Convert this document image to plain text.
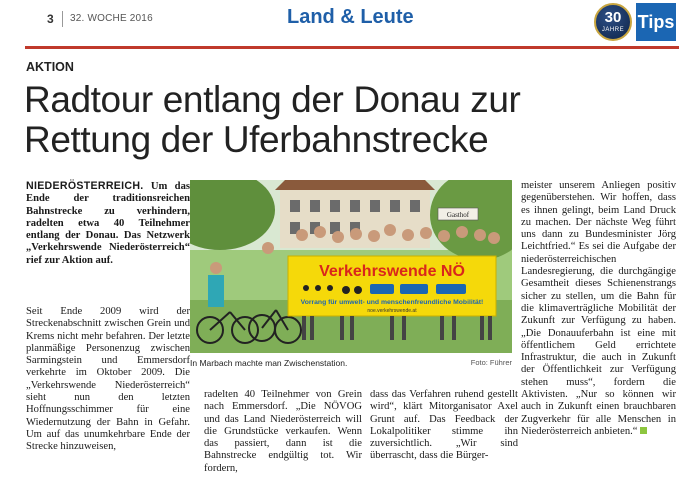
3 32. WOCHE 2016	Land & Leute	30
JAHRE Tips
AKTION
Radtour entlang der Donau zur
Rettung der Uferbahnstrecke

NIEDERÖSTERREICH. Um das Ende der traditionsreichen Bahnstrecke zu verhindern, radelten etwa 40 Teilnehmer entlang der Donau. Das Netzwerk „Verkehrswende Niederösterreich“ rief zur Aktion auf.

Gasthof
Verkehrswende NÖ
Vorrang für umwelt- und menschenfreundliche Mobilität!
noe.verkehrswende.at
In Marbach machte man Zwischenstation.	Foto: Führer

Seit Ende 2009 wird der Streckenabschnitt zwischen Grein und Krems nicht mehr befahren. Der letzte planmäßige Personenzug zwischen Sarmingstein und Emmersdorf verkehrte im Oktober 2009. Die „Verkehrswende Niederösterreich“ sieht nun den letzten Hoffnungsschimmer für eine Wiedernutzung der Bahn in Gefahr. Um auf das unumkehrbare Ende der Strecke hinzuweisen,

radelten 40 Teilnehmer von Grein nach Emmersdorf. „Die NÖVOG und das Land Niederösterreich will die Grundstücke verkaufen. Wenn das passiert, dann ist die Bahnstrecke endgültig tot. Wir fordern,

dass das Verfahren ruhend gestellt wird“, klärt Mitorganisator Axel Grunt auf. Das Feedback der Lokalpolitiker stimme ihn zuversichtlich. „Wir sind überrascht, dass die Bürger-

meister unserem Anliegen positiv gegenüberstehen. Wir hoffen, dass es ihnen gelingt, beim Land Druck zu machen. Der nächste Weg führt uns dann zu Bundesminister Jörg Leichtfried.“ Es sei die Aufgabe der niederösterreichischen Landesregierung, die durchgängige Gesamtheit dieses Schienenstrangs sicher zu stellen, um die Bahn für die klimaverträgliche Mobilität der Zukunft zur Verfügung zu haben. „Die Donauuferbahn ist eine mit öffentlichem Geld errichtete Infrastruktur, die auch in Zukunft der Öffentlichkeit zur Verfügung stehen muss“, fordern die Aktivisten. „Nur so können wir auch in Zukunft einen brauchbaren Zugverkehr für alle Menschen in Niederösterreich anbieten.“
